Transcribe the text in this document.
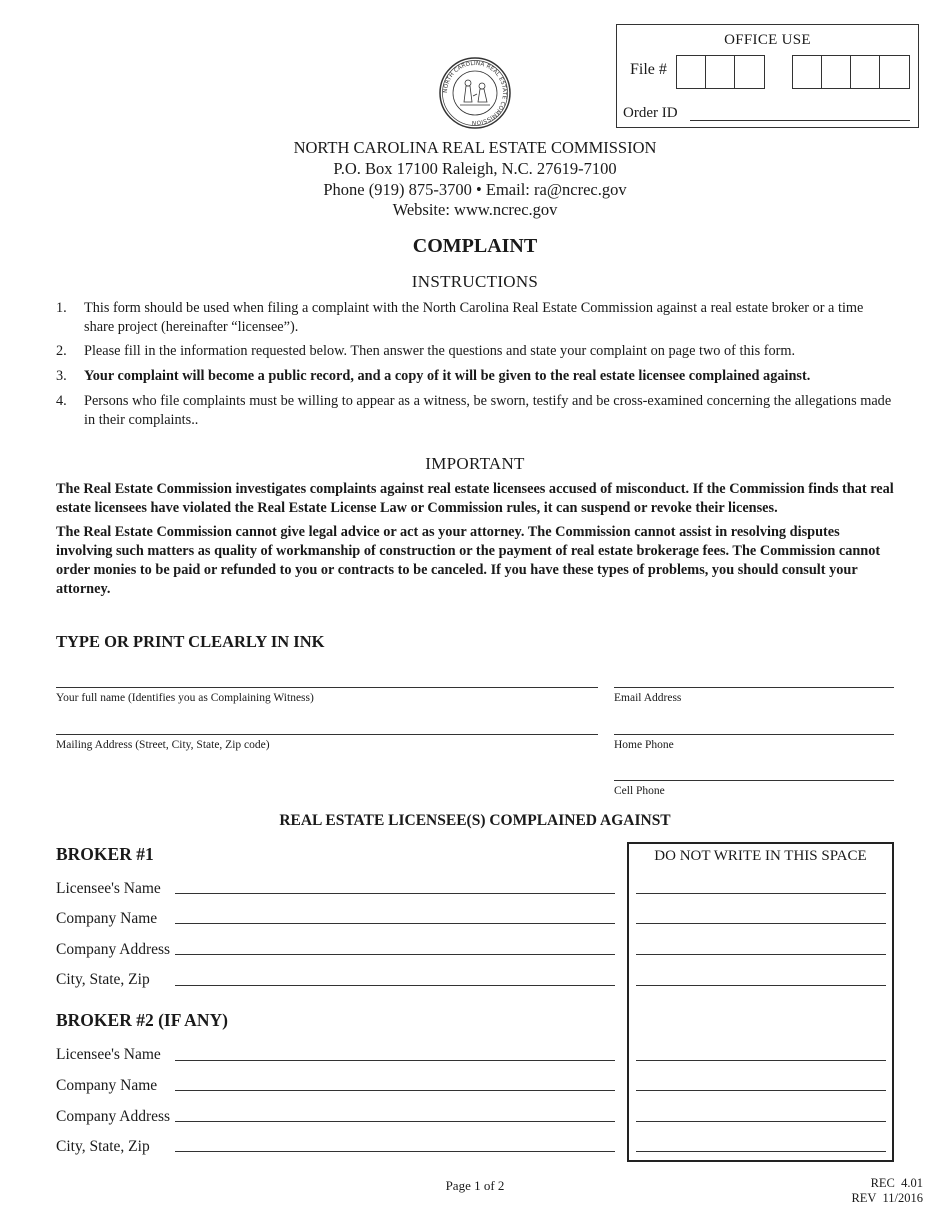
OFFICE USE
File #
Order ID
NORTH CAROLINA REAL ESTATE COMMISSION
NORTH CAROLINA REAL ESTATE COMMISSION
P.O. Box 17100 Raleigh, N.C. 27619-7100
Phone (919) 875-3700 • Email: ra@ncrec.gov
Website: www.ncrec.gov
COMPLAINT
INSTRUCTIONS
1. This form should be used when filing a complaint with the North Carolina Real Estate Commission against a real estate broker or a time share project (hereinafter “licensee”).
2. Please fill in the information requested below. Then answer the questions and state your complaint on page two of this form.
3. Your complaint will become a public record, and a copy of it will be given to the real estate licensee complained against.
4. Persons who file complaints must be willing to appear as a witness, be sworn, testify and be cross-examined concerning the allegations made in their complaints..
IMPORTANT
The Real Estate Commission investigates complaints against real estate licensees accused of misconduct. If the Commission finds that real estate licensees have violated the Real Estate License Law or Commission rules, it can suspend or revoke their licenses.
The Real Estate Commission cannot give legal advice or act as your attorney. The Commission cannot assist in resolving disputes involving such matters as quality of workmanship of construction or the payment of real estate brokerage fees. The Commission cannot order monies to be paid or refunded to you or contracts to be canceled. If you have these types of problems, you should consult your attorney.
TYPE OR PRINT CLEARLY IN INK
Your full name (Identifies you as Complaining Witness)	Email Address
Mailing Address (Street, City, State, Zip code)	Home Phone
Cell Phone
REAL ESTATE LICENSEE(S) COMPLAINED AGAINST
BROKER #1
Licensee's Name
Company Name
Company Address
City, State, Zip
BROKER #2 (IF ANY)
Licensee's Name
Company Name
Company Address
City, State, Zip
DO NOT WRITE IN THIS SPACE
Page 1 of 2	REC  4.01
REV  11/2016
